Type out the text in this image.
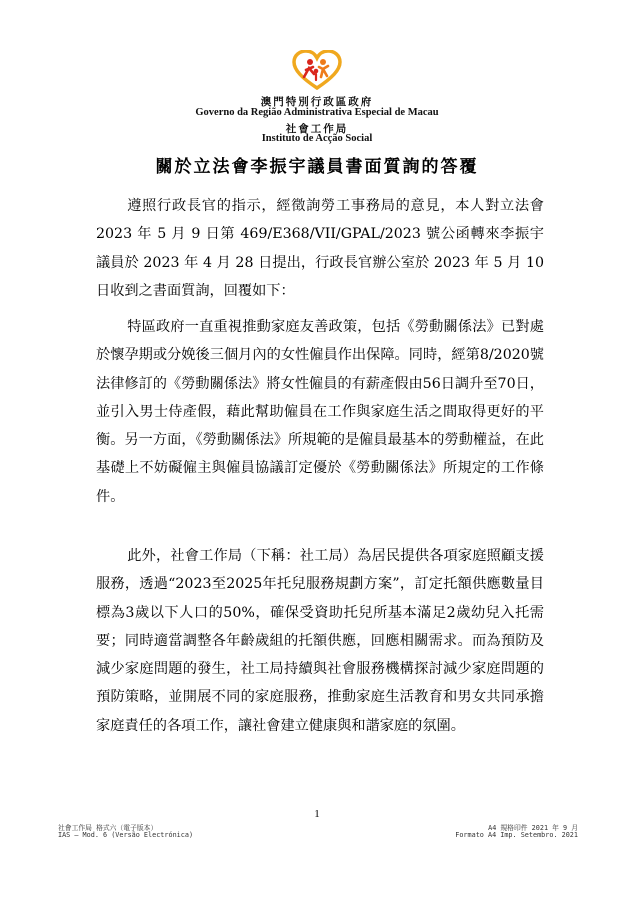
澳門特別行政區政府
Governo da Região Administrativa Especial de Macau
社會工作局
Instituto de Acção Social
關於立法會李振宇議員書面質詢的答覆

遵照行政長官的指示，經徵詢勞工事務局的意見，本人對立法會 2023 年 5 月 9 日第 469/E368/VII/GPAL/2023 號公函轉來李振宇議員於 2023 年 4 月 28 日提出，行政長官辦公室於 2023 年 5 月 10 日收到之書面質詢，回覆如下：

特區政府一直重視推動家庭友善政策，包括《勞動關係法》已對處於懷孕期或分娩後三個月內的女性僱員作出保障。同時，經第8/2020號法律修訂的《勞動關係法》將女性僱員的有薪產假由56日調升至70日，並引入男士侍產假，藉此幫助僱員在工作與家庭生活之間取得更好的平衡。另一方面，《勞動關係法》所規範的是僱員最基本的勞動權益，在此基礎上不妨礙僱主與僱員協議訂定優於《勞動關係法》所規定的工作條件。

此外，社會工作局（下稱：社工局）為居民提供各項家庭照顧支援服務，透過“2023至2025年托兒服務規劃方案”，訂定托額供應數量目標為3歲以下人口的50%，確保受資助托兒所基本滿足2歲幼兒入托需要；同時適當調整各年齡歲組的托額供應，回應相關需求。而為預防及減少家庭問題的發生，社工局持續與社會服務機構探討減少家庭問題的預防策略，並開展不同的家庭服務，推動家庭生活教育和男女共同承擔家庭責任的各項工作，讓社會建立健康與和諧家庭的氛圍。

1
社會工作局 格式六（電子版本）	A4 規格印件 2021 年 9 月
IAS – Mod. 6 (Versão Electrónica)	Formato A4 Imp. Setembro. 2021
